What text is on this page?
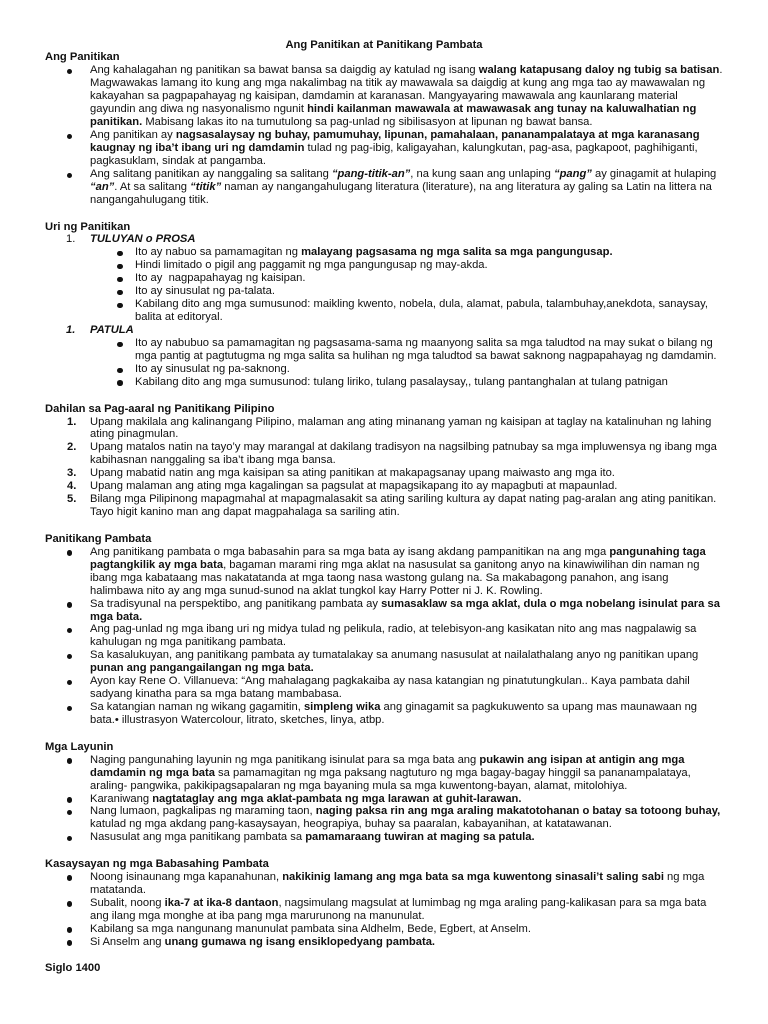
Ang Panitikan at Panitikang Pambata
Ang Panitikan
Ang kahalagahan ng panitikan sa bawat bansa sa daigdig ay katulad ng isang walang katapusang daloy ng tubig sa batisan. Magwawakas lamang ito kung ang mga nakalimbag na titik ay mawawala sa daigdig at kung ang mga tao ay mawawalan ng kakayahan sa pagpapahayag ng kaisipan, damdamin at karanasan. Mangyayaring mawawala ang kaunlarang material gayundin ang diwa ng nasyonalismo ngunit hindi kailanman mawawala at mawawasak ang tunay na kaluwalhatian ng panitikan. Mabisang lakas ito na tumutulong sa pag-unlad ng sibilisasyon at lipunan ng bawat bansa.
Ang panitikan ay nagsasalaysay ng buhay, pamumuhay, lipunan, pamahalaan, pananampalataya at mga karanasang kaugnay ng iba’t ibang uri ng damdamin tulad ng pag-ibig, kaligayahan, kalungkutan, pag-asa, pagkapoot, paghihiganti, pagkasuklam, sindak at pangamba.
Ang salitang panitikan ay nanggaling sa salitang “pang-titik-an”, na kung saan ang unlaping “pang” ay ginagamit at hulaping “an”. At sa salitang “titik” naman ay nangangahulugang literatura (literature), na ang literatura ay galing sa Latin na littera na nangangahulugang titik.
Uri ng Panitikan
1. TULUYAN o PROSA
Ito ay nabuo sa pamamagitan ng malayang pagsasama ng mga salita sa mga pangungusap.
Hindi limitado o pigil ang paggamit ng mga pangungusap ng may-akda.
Ito ay  nagpapahayag ng kaisipan.
Ito ay sinusulat ng pa-talata.
Kabilang dito ang mga sumusunod: maikling kwento, nobela, dula, alamat, pabula, talambuhay,anekdota, sanaysay, balita at editoryal.
1. PATULA
Ito ay nabubuo sa pamamagitan ng pagsasama-sama ng maanyong salita sa mga taludtod na may sukat o bilang ng mga pantig at pagtutugma ng mga salita sa hulihan ng mga taludtod sa bawat saknong nagpapahayag ng damdamin.
Ito ay sinusulat ng pa-saknong.
Kabilang dito ang mga sumusunod: tulang liriko, tulang pasalaysay,, tulang pantanghalan at tulang patnigan
Dahilan sa Pag-aaral ng Panitikang Pilipino
1. Upang makilala ang kalinangang Pilipino, malaman ang ating minanang yaman ng kaisipan at taglay na katalinuhan ng lahing ating pinagmulan.
2. Upang matalos natin na tayo’y may marangal at dakilang tradisyon na nagsilbing patnubay sa mga impluwensya ng ibang mga kabihasnan nanggaling sa iba’t ibang mga bansa.
3. Upang mabatid natin ang mga kaisipan sa ating panitikan at makapagsanay upang maiwasto ang mga ito.
4. Upang malaman ang ating mga kagalingan sa pagsulat at mapagsikapang ito ay mapagbuti at mapaunlad.
5. Bilang mga Pilipinong mapagmahal at mapagmalasakit sa ating sariling kultura ay dapat nating pag-aralan ang ating panitikan. Tayo higit kanino man ang dapat magpahalaga sa sariling atin.
Panitikang Pambata
Ang panitikang pambata o mga babasahin para sa mga bata ay isang akdang pampanitikan na ang mga pangunahing taga pagtangkilik ay mga bata, bagaman marami ring mga aklat na nasusulat sa ganitong anyo na kinawiwilihan din naman ng ibang mga kabataang mas nakatatanda at mga taong nasa wastong gulang na. Sa makabagong panahon, ang isang halimbawa nito ay ang mga sunud-sunod na aklat tungkol kay Harry Potter ni J. K. Rowling.
Sa tradisyunal na perspektibo, ang panitikang pambata ay sumasaklaw sa mga aklat, dula o mga nobelang isinulat para sa mga bata.
Ang pag-unlad ng mga ibang uri ng midya tulad ng pelikula, radio, at telebisyon-ang kasikatan nito ang mas nagpalawig sa kahulugan ng mga panitikang pambata.
Sa kasalukuyan, ang panitikang pambata ay tumatalakay sa anumang nasusulat at nailalathalang anyo ng panitikan upang punan ang pangangailangan ng mga bata.
Ayon kay Rene O. Villanueva: “Ang mahalagang pagkakaiba ay nasa katangian ng pinatutungkulan.. Kaya pambata dahil sadyang kinatha para sa mga batang mambabasa.
Sa katangian naman ng wikang gagamitin, simpleng wika ang ginagamit sa pagkukuwento sa upang mas maunawaan ng bata.• illustrasyon Watercolour, litrato, sketches, linya, atbp.
Mga Layunin
Naging pangunahing layunin ng mga panitikang isinulat para sa mga bata ang pukawin ang isipan at antigin ang mga damdamin ng mga bata sa pamamagitan ng mga paksang nagtuturo ng mga bagay-bagay hinggil sa pananampalataya, araling- pangwika, pakikipagsapalaran ng mga bayaning mula sa mga kuwentong-bayan, alamat, mitolohiya.
Karaniwang nagtataglay ang mga aklat-pambata ng mga larawan at guhit-larawan.
Nang lumaon, pagkalipas ng maraming taon, naging paksa rin ang mga araling makatotohanan o batay sa totoong buhay, katulad ng mga akdang pang-kasaysayan, heograpiya, buhay sa paaralan, kabayanihan, at katatawanan.
Nasusulat ang mga panitikang pambata sa pamamaraang tuwiran at maging sa patula.
Kasaysayan ng mga Babasahing Pambata
Noong isinaunang mga kapanahunan, nakikinig lamang ang mga bata sa mga kuwentong sinasali’t saling sabi ng mga matatanda.
Subalit, noong ika-7 at ika-8 dantaon, nagsimulang magsulat at lumimbag ng mga araling pang-kalikasan para sa mga bata ang ilang mga monghe at iba pang mga marurunong na manunulat.
Kabilang sa mga nangunang manunulat pambata sina Aldhelm, Bede, Egbert, at Anselm.
Si Anselm ang unang gumawa ng isang ensiklopedyang pambata.
Siglo 1400
